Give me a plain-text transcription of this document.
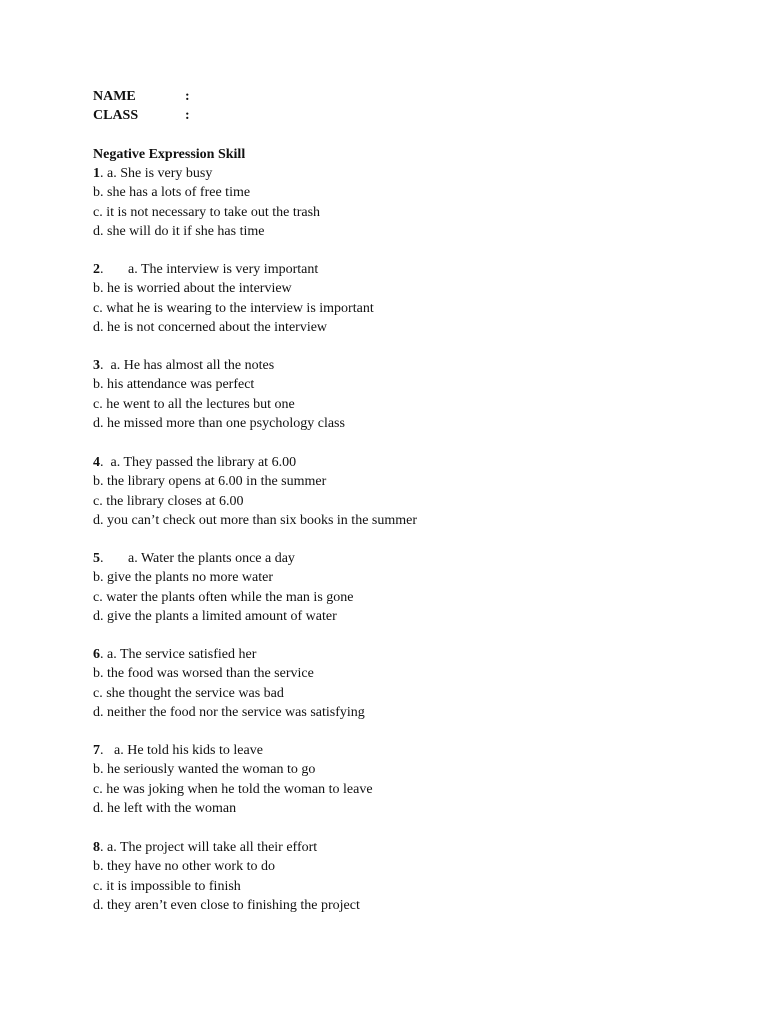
NAME	:
CLASS	:
Negative Expression Skill
1. a. She is very busy
b. she has a lots of free time
c. it is not necessary to take out the trash
d. she will do it if she has time
2.       a. The interview is very important
b. he is worried about the interview
c. what he is wearing to the interview is important
d. he is not concerned about the interview
3.  a. He has almost all the notes
b. his attendance was perfect
c. he went to all the lectures but one
d. he missed more than one psychology class
4.  a. They passed the library at 6.00
b. the library opens at 6.00 in the summer
c. the library closes at 6.00
d. you can’t check out more than six books in the summer
5.       a. Water the plants once a day
b. give the plants no more water
c. water the plants often while the man is gone
d. give the plants a limited amount of water
6. a. The service satisfied her
b. the food was worsed than the service
c. she thought the service was bad
d. neither the food nor the service was satisfying
7.   a. He told his kids to leave
b. he seriously wanted the woman to go
c. he was joking when he told the woman to leave
d. he left with the woman
8. a. The project will take all their effort
b. they have no other work to do
c. it is impossible to finish
d. they aren’t even close to finishing the project
